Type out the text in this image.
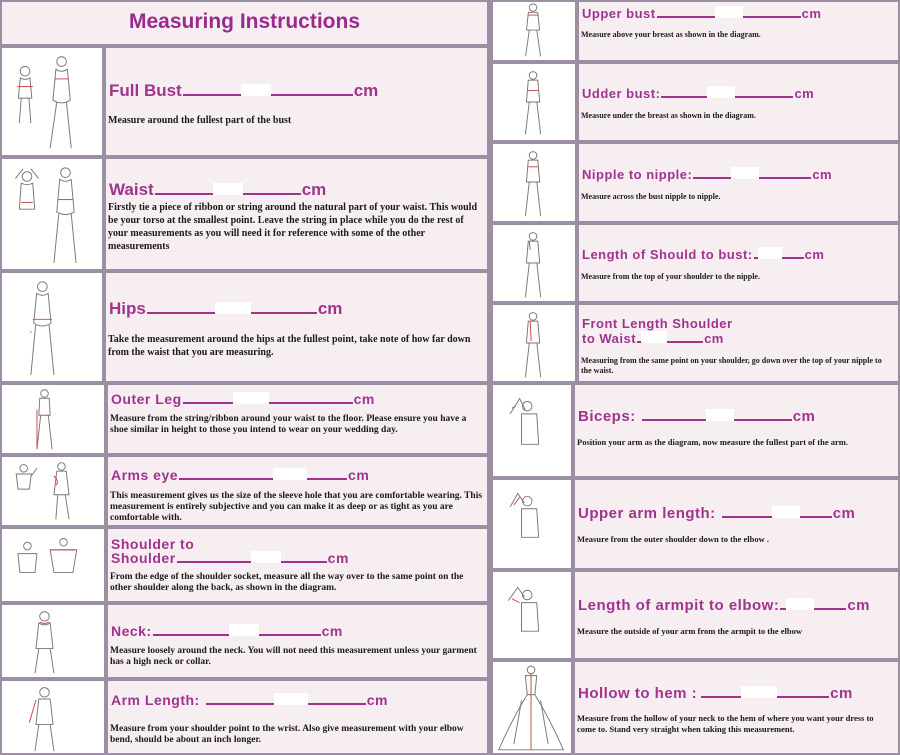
Measuring Instructions
Full Bust	cm
Measure around the fullest part of the bust
Waist	cm
Firstly tie a piece of ribbon or string around the natural part of your waist. This would be your torso at the smallest point. Leave the string in place while you do the rest of your measurements as you will need it for reference with some of the other measurements
Hips	cm
Take the measurement around the hips at the fullest point, take note of how far down from the waist that you are measuring.
Outer Leg	cm
Measure from the string/ribbon around your waist to the floor. Please ensure you have a shoe similar in height to those you intend to wear on your wedding day.
Arms eye	cm
This measurement gives us the size of the sleeve hole that you are comfortable wearing. This measurement is entirely subjective and you can make it as deep or as tight as you are comfortable with.
Shoulder to
Shoulder	cm
From the edge of the shoulder socket, measure all the way over to the same point on the other shoulder along the back, as shown in the diagram.
Neck:	cm
Measure loosely around the neck. You will not need this measurement unless your garment has a high neck or collar.
Arm Length:	cm
Measure from your shoulder point to the wrist. Also give measurement with your elbow bend, should be about an inch longer.
Upper bust	cm
Measure above your breast as shown in the diagram.
Udder bust:	cm
Measure under the breast as shown in the diagram.
Nipple to nipple:	cm
Measure across the bust nipple to nipple.
Length of Should to bust:	cm
Measure from the top of your shoulder to the nipple.
Front Length Shoulder
to Waist	cm
Measuring from the same point on your shoulder, go down over the top of your nipple to the waist.
Biceps:	cm
Position your arm as the diagram, now measure the fullest part of the arm.
Upper arm length:	cm
Measure from the outer shoulder down to the elbow .
Length of armpit to elbow:	cm
Measure the outside of your arm from the armpit to the elbow
Hollow to hem :	cm
Measure from the hollow of your neck to the hem of where you want your dress to come to. Stand very straight when taking this measurement.
